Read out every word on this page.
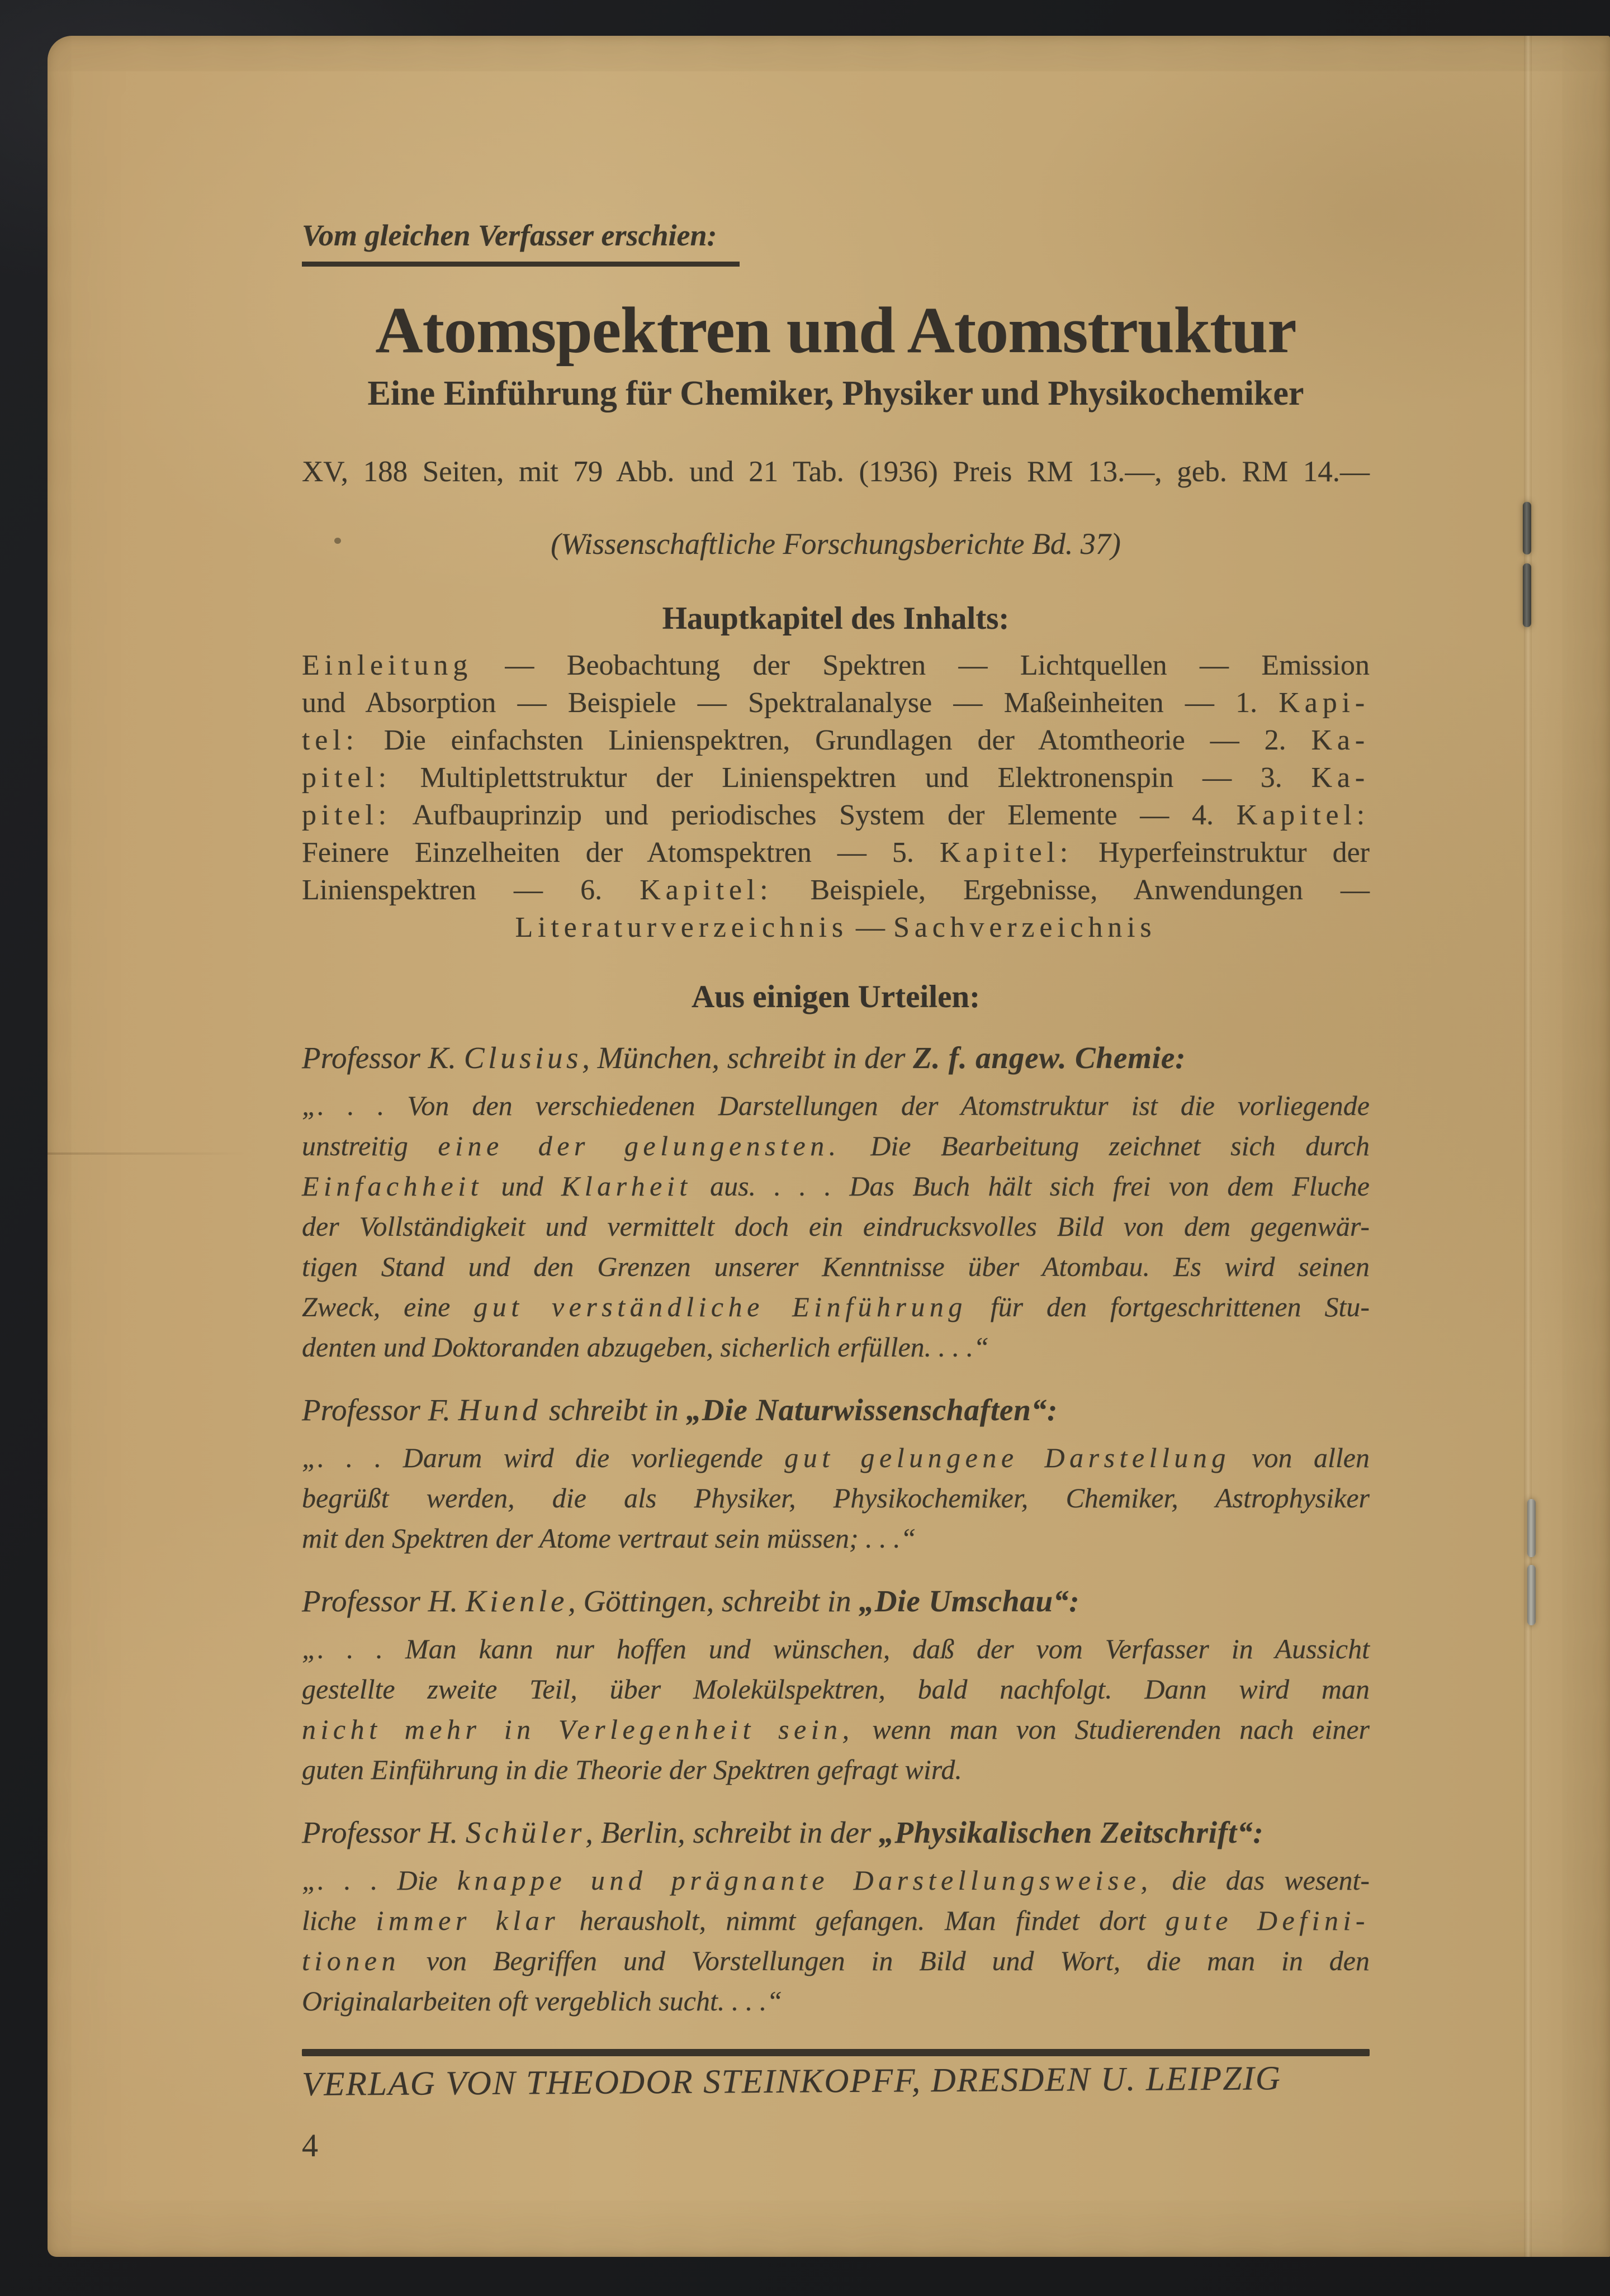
Vom gleichen Verfasser erschien:
Atomspektren und Atomstruktur
Eine Einführung für Chemiker, Physiker und Physikochemiker
XV, 188 Seiten, mit 79 Abb. und 21 Tab. (1936) Preis RM 13.—, geb. RM 14.—
(Wissenschaftliche Forschungsberichte Bd. 37)
Hauptkapitel des Inhalts:
Einleitung — Beobachtung der Spektren — Lichtquellen — Emission
und Absorption — Beispiele — Spektralanalyse — Maßeinheiten — 1. Kapi-
tel: Die einfachsten Linienspektren, Grundlagen der Atomtheorie — 2. Ka-
pitel: Multiplettstruktur der Linienspektren und Elektronenspin — 3. Ka-
pitel: Aufbauprinzip und periodisches System der Elemente — 4. Kapitel:
Feinere Einzelheiten der Atomspektren — 5. Kapitel: Hyperfeinstruktur der
Linienspektren — 6. Kapitel: Beispiele, Ergebnisse, Anwendungen —
Literaturverzeichnis — Sachverzeichnis
Aus einigen Urteilen:
Professor K. Clusius, München, schreibt in der Z. f. angew. Chemie:
„. . . Von den verschiedenen Darstellungen der Atomstruktur ist die vorliegende
unstreitig eine der gelungensten. Die Bearbeitung zeichnet sich durch
Einfachheit und Klarheit aus. . . . Das Buch hält sich frei von dem Fluche
der Vollständigkeit und vermittelt doch ein eindrucksvolles Bild von dem gegenwär-
tigen Stand und den Grenzen unserer Kenntnisse über Atombau. Es wird seinen
Zweck, eine gut verständliche Einführung für den fortgeschrittenen Stu-
denten und Doktoranden abzugeben, sicherlich erfüllen. . . .“
Professor F. Hund schreibt in „Die Naturwissenschaften“:
„. . . Darum wird die vorliegende gut gelungene Darstellung von allen
begrüßt werden, die als Physiker, Physikochemiker, Chemiker, Astrophysiker
mit den Spektren der Atome vertraut sein müssen; . . .“
Professor H. Kienle, Göttingen, schreibt in „Die Umschau“:
„. . . Man kann nur hoffen und wünschen, daß der vom Verfasser in Aussicht
gestellte zweite Teil, über Molekülspektren, bald nachfolgt. Dann wird man
nicht mehr in Verlegenheit sein, wenn man von Studierenden nach einer
guten Einführung in die Theorie der Spektren gefragt wird.
Professor H. Schüler, Berlin, schreibt in der „Physikalischen Zeitschrift“:
„. . . Die knappe und prägnante Darstellungsweise, die das wesent-
liche immer klar herausholt, nimmt gefangen. Man findet dort gute Defini-
tionen von Begriffen und Vorstellungen in Bild und Wort, die man in den
Originalarbeiten oft vergeblich sucht. . . .“
VERLAG VON THEODOR STEINKOPFF, DRESDEN U. LEIPZIG
4
